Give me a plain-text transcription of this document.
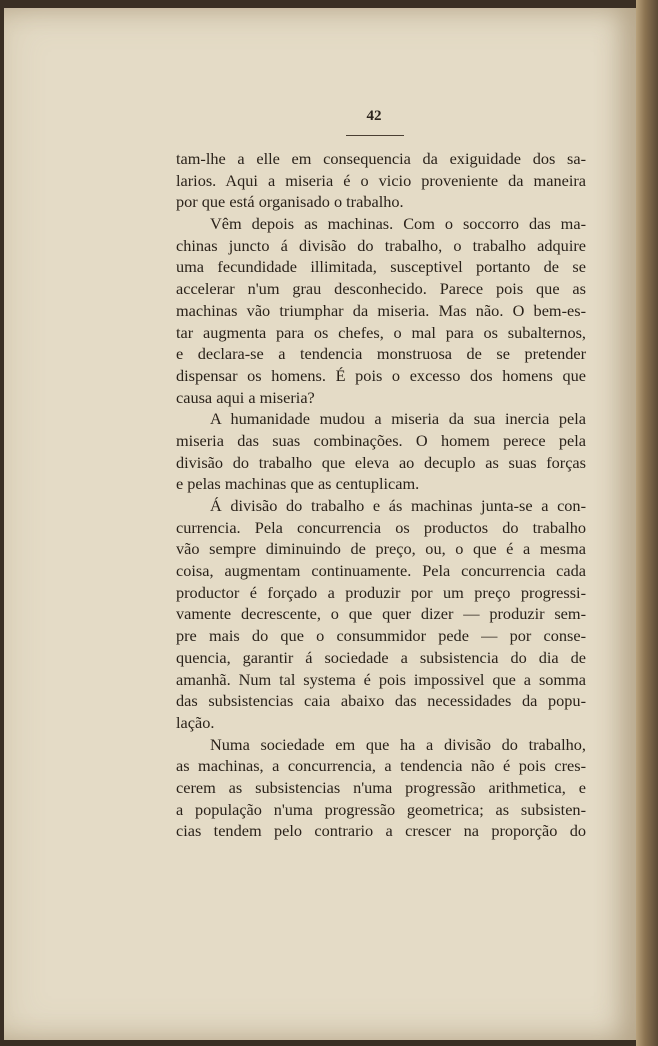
42
tam-lhe a elle em consequencia da exiguidade dos sa-
larios. Aqui a miseria é o vicio proveniente da maneira
por que está organisado o trabalho.
Vêm depois as machinas. Com o soccorro das ma-
chinas juncto á divisão do trabalho, o trabalho adquire
uma fecundidade illimitada, susceptivel portanto de se
accelerar n'um grau desconhecido. Parece pois que as
machinas vão triumphar da miseria. Mas não. O bem-es-
tar augmenta para os chefes, o mal para os subalternos,
e declara-se a tendencia monstruosa de se pretender
dispensar os homens. É pois o excesso dos homens que
causa aqui a miseria?
A humanidade mudou a miseria da sua inercia pela
miseria das suas combinações. O homem perece pela
divisão do trabalho que eleva ao decuplo as suas forças
e pelas machinas que as centuplicam.
Á divisão do trabalho e ás machinas junta-se a con-
currencia. Pela concurrencia os productos do trabalho
vão sempre diminuindo de preço, ou, o que é a mesma
coisa, augmentam continuamente. Pela concurrencia cada
productor é forçado a produzir por um preço progressi-
vamente decrescente, o que quer dizer — produzir sem-
pre mais do que o consummidor pede — por conse-
quencia, garantir á sociedade a subsistencia do dia de
amanhã. Num tal systema é pois impossivel que a somma
das subsistencias caia abaixo das necessidades da popu-
lação.
Numa sociedade em que ha a divisão do trabalho,
as machinas, a concurrencia, a tendencia não é pois cres-
cerem as subsistencias n'uma progressão arithmetica, e
a população n'uma progressão geometrica; as subsisten-
cias tendem pelo contrario a crescer na proporção do
